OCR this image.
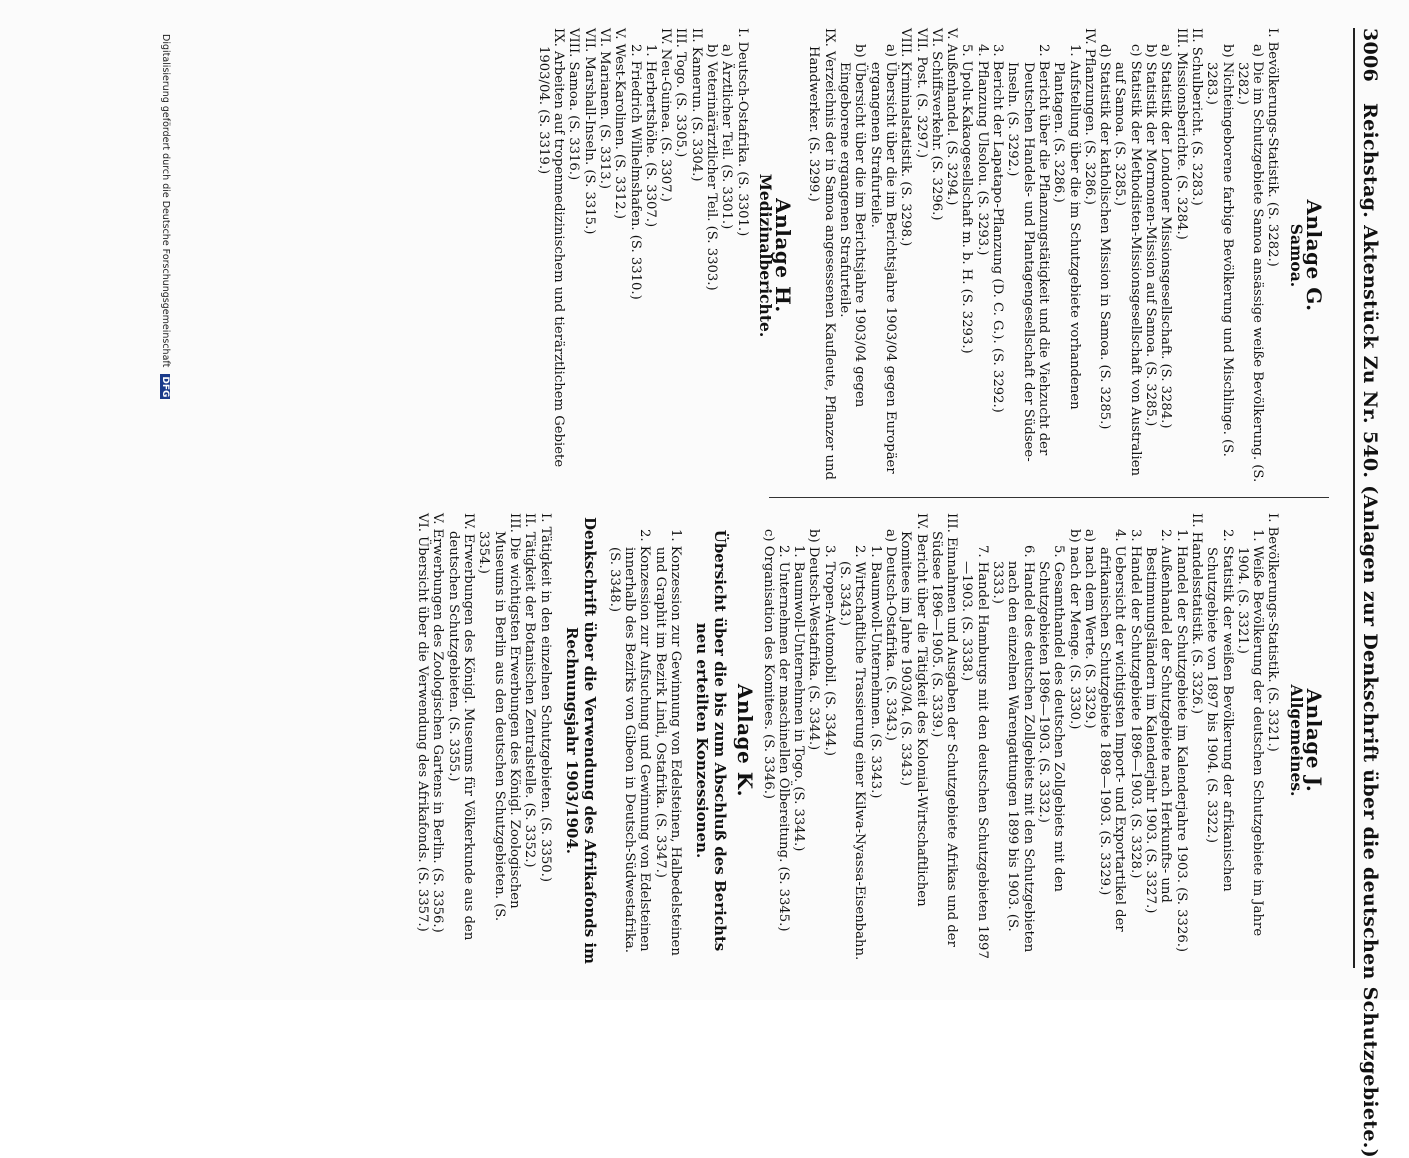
3006 Reichstag. Aktenstück Zu Nr. 540. (Anlagen zur Denkschrift über die deutschen Schutzgebiete.)
Anlage G.
Samoa.

I. Bevölkerungs-Statistik. (S. 3282.)

a) Die im Schutzgebiete Samoa ansässige weiße Bevölkerung. (S. 3282.)

b) Nichteingeborene farbige Bevölkerung und Mischlinge. (S. 3283.)

II. Schulbericht. (S. 3283.)

III. Missionsberichte. (S. 3284.)

a) Statistik der Londoner Missionsgesellschaft. (S. 3284.)

b) Statistik der Mormonen-Mission auf Samoa. (S. 3285.)

c) Statistik der Methodisten-Missionsgesellschaft von Australien auf Samoa. (S. 3285.)

d) Statistik der katholischen Mission in Samoa. (S. 3285.)

IV. Pflanzungen. (S. 3286.)

1. Aufstellung über die im Schutzgebiete vorhandenen Plantagen. (S. 3286.)

2. Bericht über die Pflanzungstätigkeit und die Viehzucht der Deutschen Handels- und Plantagengesellschaft der Südsee-Inseln. (S. 3292.)

3. Bericht der Lapatapo-Pflanzung (D. C. G.). (S. 3292.)

4. Pflanzung Ulsolou. (S. 3293.)

5. Upolu-Kakaogesellschaft m. b. H. (S. 3293.)

V. Außenhandel. (S. 3294.)

VI. Schiffsverkehr. (S. 3296.)

VII. Post. (S. 3297.)

VIII. Kriminalstatistik. (S. 3298.)

a) Übersicht über die im Berichtsjahre 1903/04 gegen Europäer ergangenen Strafurteile.

b) Übersicht über die im Berichtsjahre 1903/04 gegen Eingeborene ergangenen Strafurteile.

IX. Verzeichnis der in Samoa angesessenen Kaufleute, Pflanzer und Handwerker. (S. 3299.)

Anlage H.
Medizinalberichte.

I. Deutsch-Ostafrika. (S. 3301.)

a) Ärztlicher Teil. (S. 3301.)

b) Veterinärärztlicher Teil. (S. 3303.)

II. Kamerun. (S. 3304.)

III. Togo. (S. 3305.)

IV. Neu-Guinea. (S. 3307.)

1. Herbertshöhe. (S. 3307.)

2. Friedrich Wilhelmshafen. (S. 3310.)

V. West-Karolinen. (S. 3312.)

VI. Marianen. (S. 3313.)

VII. Marshall-Inseln. (S. 3315.)

VIII. Samoa. (S. 3316.)

IX. Arbeiten auf tropenmedizinischem und tierärztlichem Gebiete 1903/04. (S. 3319.)

Anlage J.
Allgemeines.

I. Bevölkerungs-Statistik. (S. 3321.)

1. Weiße Bevölkerung der deutschen Schutzgebiete im Jahre 1904. (S. 3321.)

2. Statistik der weißen Bevölkerung der afrikanischen Schutzgebiete von 1897 bis 1904. (S. 3322.)

II. Handelsstatistik. (S. 3326.)

1. Handel der Schutzgebiete im Kalenderjahre 1903. (S. 3326.)

2. Außenhandel der Schutzgebiete nach Herkunfts- und Bestimmungsländern im Kalenderjahr 1903. (S. 3327.)

3. Handel der Schutzgebiete 1896—1903. (S. 3328.)

4. Uebersicht der wichtigsten Import- und Exportartikel der afrikanischen Schutzgebiete 1898—1903. (S. 3329.)

a) nach dem Werte. (S. 3329.)

b) nach der Menge. (S. 3330.)

5. Gesamthandel des deutschen Zollgebiets mit den Schutzgebieten 1896—1903. (S. 3332.)

6. Handel des deutschen Zollgebiets mit den Schutzgebieten nach den einzelnen Warengattungen 1899 bis 1903. (S. 3333.)

7. Handel Hamburgs mit den deutschen Schutzgebieten 1897—1903. (S. 3338.)

III. Einnahmen und Ausgaben der Schutzgebiete Afrikas und der Südsee 1896—1905. (S. 3339.)

IV. Bericht über die Tätigkeit des Kolonial-Wirtschaftlichen Komitees im Jahre 1903/04. (S. 3343.)

a) Deutsch-Ostafrika. (S. 3343.)

1. Baumwoll-Unternehmen. (S. 3343.)

2. Wirtschaftliche Trassierung einer Kilwa-Nyassa-Eisenbahn. (S. 3343.)

3. Tropen-Automobil. (S. 3344.)

b) Deutsch-Westafrika. (S. 3344.)

1. Baumwoll-Unternehmen in Togo. (S. 3344.)

2. Unternehmen der maschinellen Ölbereitung. (S. 3345.)

c) Organisation des Komitees. (S. 3346.)

Anlage K.
Übersicht über die bis zum Abschluß des Berichts neu erteilten Konzessionen.

1. Konzession zur Gewinnung von Edelsteinen, Halbedelsteinen und Graphit im Bezirk Lindi, Ostafrika. (S. 3347.)

2. Konzession zur Aufsuchung und Gewinnung von Edelsteinen innerhalb des Bezirks von Gibeon in Deutsch-Südwestafrika. (S. 3348.)

Denkschrift über die Verwendung des Afrikafonds im Rechnungsjahr 1903/1904.

I. Tätigkeit in den einzelnen Schutzgebieten. (S. 3350.)

II. Tätigkeit der Botanischen Zentralstelle. (S. 3352.)

III. Die wichtigsten Erwerbungen des Königl. Zoologischen Museums in Berlin aus den deutschen Schutzgebieten. (S. 3354.)

IV. Erwerbungen des Königl. Museums für Völkerkunde aus den deutschen Schutzgebieten. (S. 3355.)

V. Erwerbungen des Zoologischen Gartens in Berlin. (S. 3356.)

VI. Übersicht über die Verwendung des Afrikafonds. (S. 3357.)

Digitalisierung gefördert durch die Deutsche Forschungsgemeinschaft DFG
